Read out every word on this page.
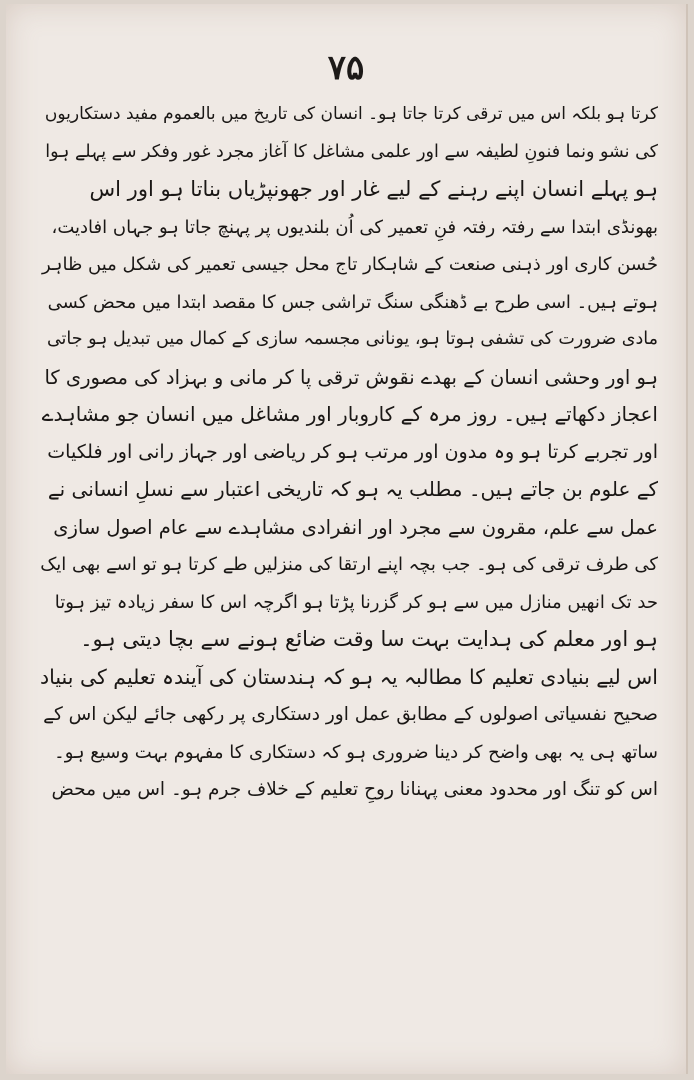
۷۵
کرتا ہو بلکہ اس میں ترقی کرتا جاتا ہو۔ انسان کی تاریخ میں بالعموم مفید دستکاریوں
کی نشو ونما فنونِ لطیفہ سے اور علمی مشاغل کا آغاز مجرد غور وفکر سے پہلے ہوا
ہو پہلے انسان اپنے رہنے کے لیے غار اور جھونپڑیاں بناتا ہو اور اس
بھونڈی ابتدا سے رفتہ رفتہ فنِ تعمیر کی اُن بلندیوں پر پہنچ جاتا ہو جہاں افادیت،
حُسن کاری اور ذہنی صنعت کے شاہکار تاج محل جیسی تعمیر کی شکل میں ظاہر
ہوتے ہیں۔ اسی طرح بے ڈھنگی سنگ تراشی جس کا مقصد ابتدا میں محض کسی
مادی ضرورت کی تشفی ہوتا ہو، یونانی مجسمہ سازی کے کمال میں تبدیل ہو جاتی
ہو اور وحشی انسان کے بھدے نقوش ترقی پا کر مانی و بہزاد کی مصوری کا
اعجاز دکھاتے ہیں۔ روز مرہ کے کاروبار اور مشاغل میں انسان جو مشاہدے
اور تجربے کرتا ہو وہ مدون اور مرتب ہو کر ریاضی اور جہاز رانی اور فلکیات
کے علوم بن جاتے ہیں۔ مطلب یہ ہو کہ تاریخی اعتبار سے نسلِ انسانی نے
عمل سے علم، مقرون سے مجرد اور انفرادی مشاہدے سے عام اصول سازی
کی طرف ترقی کی ہو۔ جب بچہ اپنے ارتقا کی منزلیں طے کرتا ہو تو اسے بھی ایک
حد تک انھیں منازل میں سے ہو کر گزرنا پڑتا ہو اگرچہ اس کا سفر زیادہ تیز ہوتا
ہو اور معلم کی ہدایت بہت سا وقت ضائع ہونے سے بچا دیتی ہو۔
اس لیے بنیادی تعلیم کا مطالبہ یہ ہو کہ ہندستان کی آیندہ تعلیم کی بنیاد
صحیح نفسیاتی اصولوں کے مطابق عمل اور دستکاری پر رکھی جائے لیکن اس کے
ساتھ ہی یہ بھی واضح کر دینا ضروری ہو کہ دستکاری کا مفہوم بہت وسیع ہو۔
اس کو تنگ اور محدود معنی پہنانا روحِ تعلیم کے خلاف جرم ہو۔ اس میں محض
